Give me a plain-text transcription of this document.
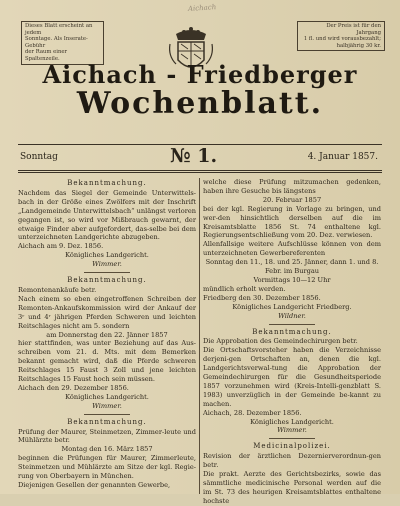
Aichach
Dieses Blatt erscheint an jedem
Sonntage. Als Inserate-Gebühr
der Raum einer Spaltenzeile.
Der Preis ist für den Jahrgang
1 fl. und wird vorausbezahlt;
halbjährig 30 kr.
Aichach - Friedberger
Wochenblatt.
Sonntag	№ 1.	4. Januar 1857.

Bekanntmachung.

Nachdem das Siegel der Gemeinde Unterwittels-bach in der Größe eines Zwölfers mit der Inschrift „Landgemeinde Unterwittelsbach“ unlängst verloren gegangen ist, so wird vor Mißbrauch gewarnt, der etwaige Finder aber aufgefordert, das-selbe bei dem unterzeichneten Landgerichte abzugeben.

Aichach am 9. Dez. 1856.

Königliches Landgericht.

Wimmer.

Bekanntmachung.

Remontenankäufe betr.

Nach einem so eben eingetroffenen Schreiben der Remonten-Ankaufskommission wird der Ankauf der 3ʳ und 4ʳ jährigen Pferden Schweren und leichten Reitschlages nicht am 5. sondern

am Donnerstag den 22. Jänner 1857

hier stattfinden, was unter Beziehung auf das Aus-schreiben vom 21. d. Mts. mit dem Bemerken bekannt gemacht wird, daß die Pferde schweren Reitschlages 15 Faust 3 Zoll und jene leichten Reitschlages 15 Faust hoch sein müssen.

Aichach den 29. Dezember 1856.

Königliches Landgericht.

Wimmer.

Bekanntmachung.

Prüfung der Maurer, Steinmetzen, Zimmer-leute und Mühlärzte betr.

Montag den 16. März 1857

beginnen die Prüfungen für Maurer, Zimmerleute, Steinmetzen und Mühlärzte am Sitze der kgl. Regie-rung von Oberbayern in München.

Diejenigen Gesellen der genannten Gewerbe,

welche diese Prüfung mitzumachen gedenken, haben ihre Gesuche bis längstens

20. Februar 1857

bei der kgl. Regierung in Vorlage zu bringen, und wer-den hinsichtlich derselben auf die im Kreisamtsblatte 1856 St. 74 enthaltene kgl. Regierungsentschließung vom 20. Dez. verwiesen.

Allenfallsige weitere Aufschlüsse können von dem unterzeichneten Gewerbereferenten

Sonntag den 11., 18. und 25. Jänner, dann 1. und 8. Febr. im Burgau

Vormittags 10—12 Uhr

mündlich erholt werden.

Friedberg den 30. Dezember 1856.

Königliches Landgericht Friedberg.

Wildner.

Bekanntmachung.

Die Approbation des Gemeindechirurgen betr.

Die Ortschaftsvorsteher haben die Verzeichnisse derjeni-gen Ortschaften an, denen die kgl. Landgerichtsverwal-tung die Approbation der Gemeindechirurgen für die Gesundheitsperiode 1857 vorzunehmen wird (Kreis-Intelli-genzblatt S. 1983) unverzüglich in der Gemeinde be-kannt zu machen.

Aichach, 28. Dezember 1856.

Königliches Landgericht.

Wimmer.

Medicinalpolizei.

Revision der ärztlichen Dezernierverordnun-gen betr.

Die prakt. Aerzte des Gerichtsbezirks, sowie das sämmtliche medicinische Personal werden auf die im St. 73 des heurigen Kreisamtsblattes enthaltene hochste
